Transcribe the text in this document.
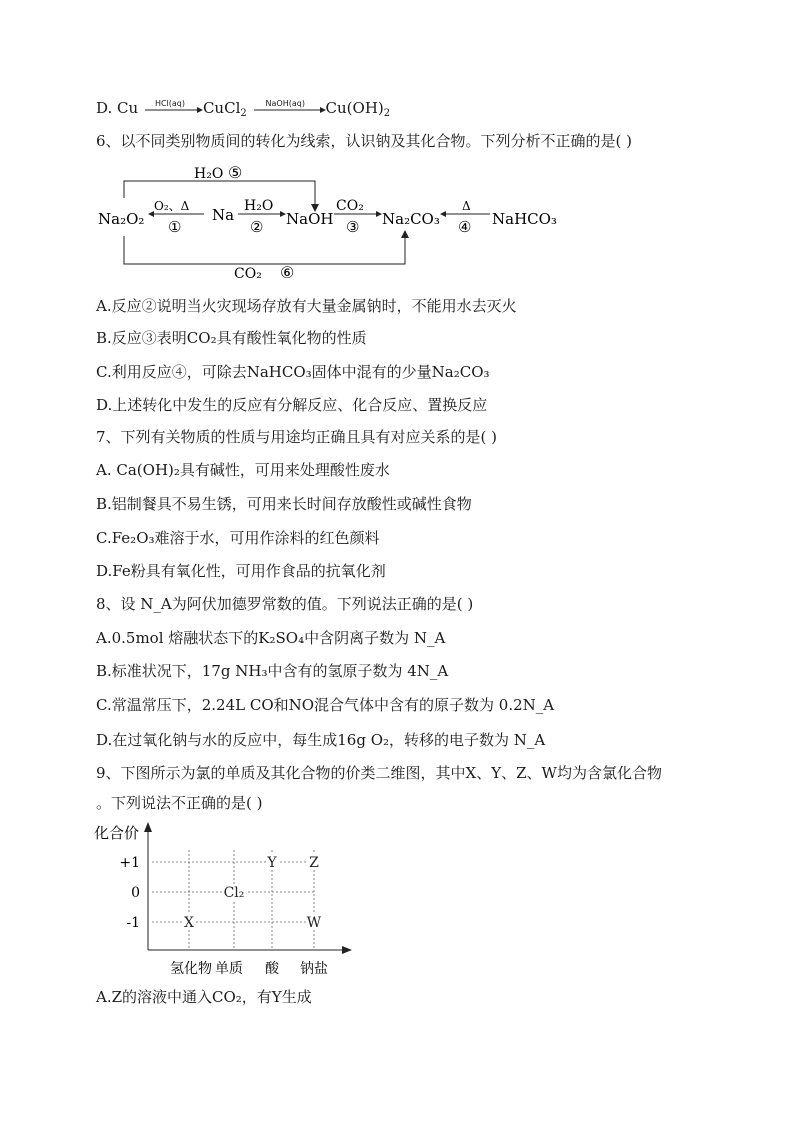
D. Cu HCl(aq) CuCl$_2$
NaOH(aq) $Cu(OH)_2$
6、以不同类别物质间的转化为线索，认识钠及其化合物。下列分析不正确的是( )
H₂O ⑤
CO₂ ⑥
Na₂O₂	Na	NaOH	Na₂CO₃	NaHCO₃
O₂、Δ
①
H₂O
②
CO₂
③
Δ
④
A.反应②说明当火灾现场存放有大量金属钠时，不能用水去灭火
B.反应③表明CO₂具有酸性氧化物的性质
C.利用反应④，可除去NaHCO₃固体中混有的少量Na₂CO₃
D.上述转化中发生的反应有分解反应、化合反应、置换反应
7、下列有关物质的性质与用途均正确且具有对应关系的是( )
A. Ca(OH)₂具有碱性，可用来处理酸性废水
B.铝制餐具不易生锈，可用来长时间存放酸性或碱性食物
C.Fe₂O₃难溶于水，可用作涂料的红色颜料
D.Fe粉具有氧化性，可用作食品的抗氧化剂
8、设 N_A为阿伏加德罗常数的值。下列说法正确的是( )
A.0.5mol 熔融状态下的K₂SO₄中含阴离子数为 N_A
B.标准状况下，17g NH₃中含有的氢原子数为 4N_A
C.常温常压下，2.24L CO和NO混合气体中含有的原子数为 0.2N_A
D.在过氧化钠与水的反应中，每生成16g O₂，转移的电子数为 N_A
9、下图所示为氯的单质及其化合物的价类二维图，其中X、Y、Z、W均为含氯化合物
。下列说法不正确的是( )
化合价
+1
0
-1
氢化物 单质 酸 钠盐
Y Z
Cl₂
X	W
A.Z的溶液中通入CO₂，有Y生成
